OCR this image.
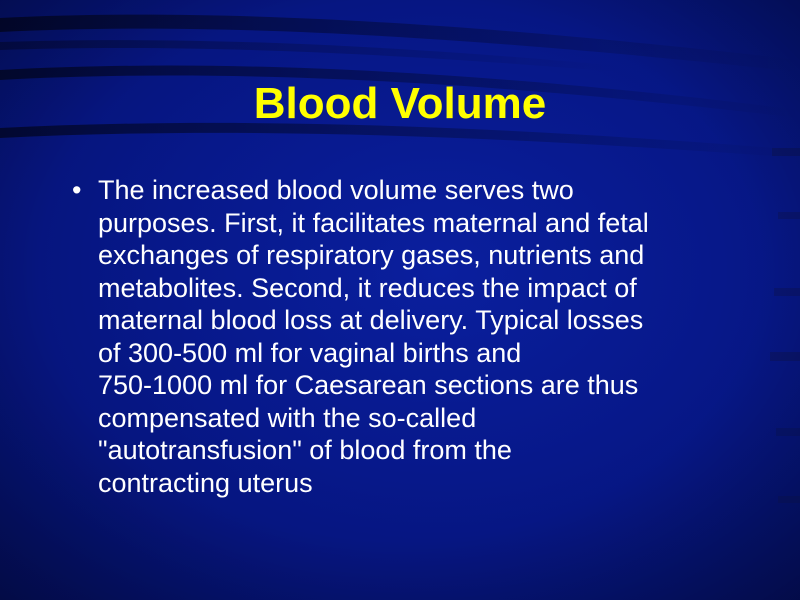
Blood Volume
• The increased blood volume serves two
purposes. First, it facilitates maternal and fetal
exchanges of respiratory gases, nutrients and
metabolites. Second, it reduces the impact of
maternal blood loss at delivery. Typical losses
of 300-500 ml for vaginal births and
750-1000 ml for Caesarean sections are thus
compensated with the so-called
"autotransfusion" of blood from the
contracting uterus
